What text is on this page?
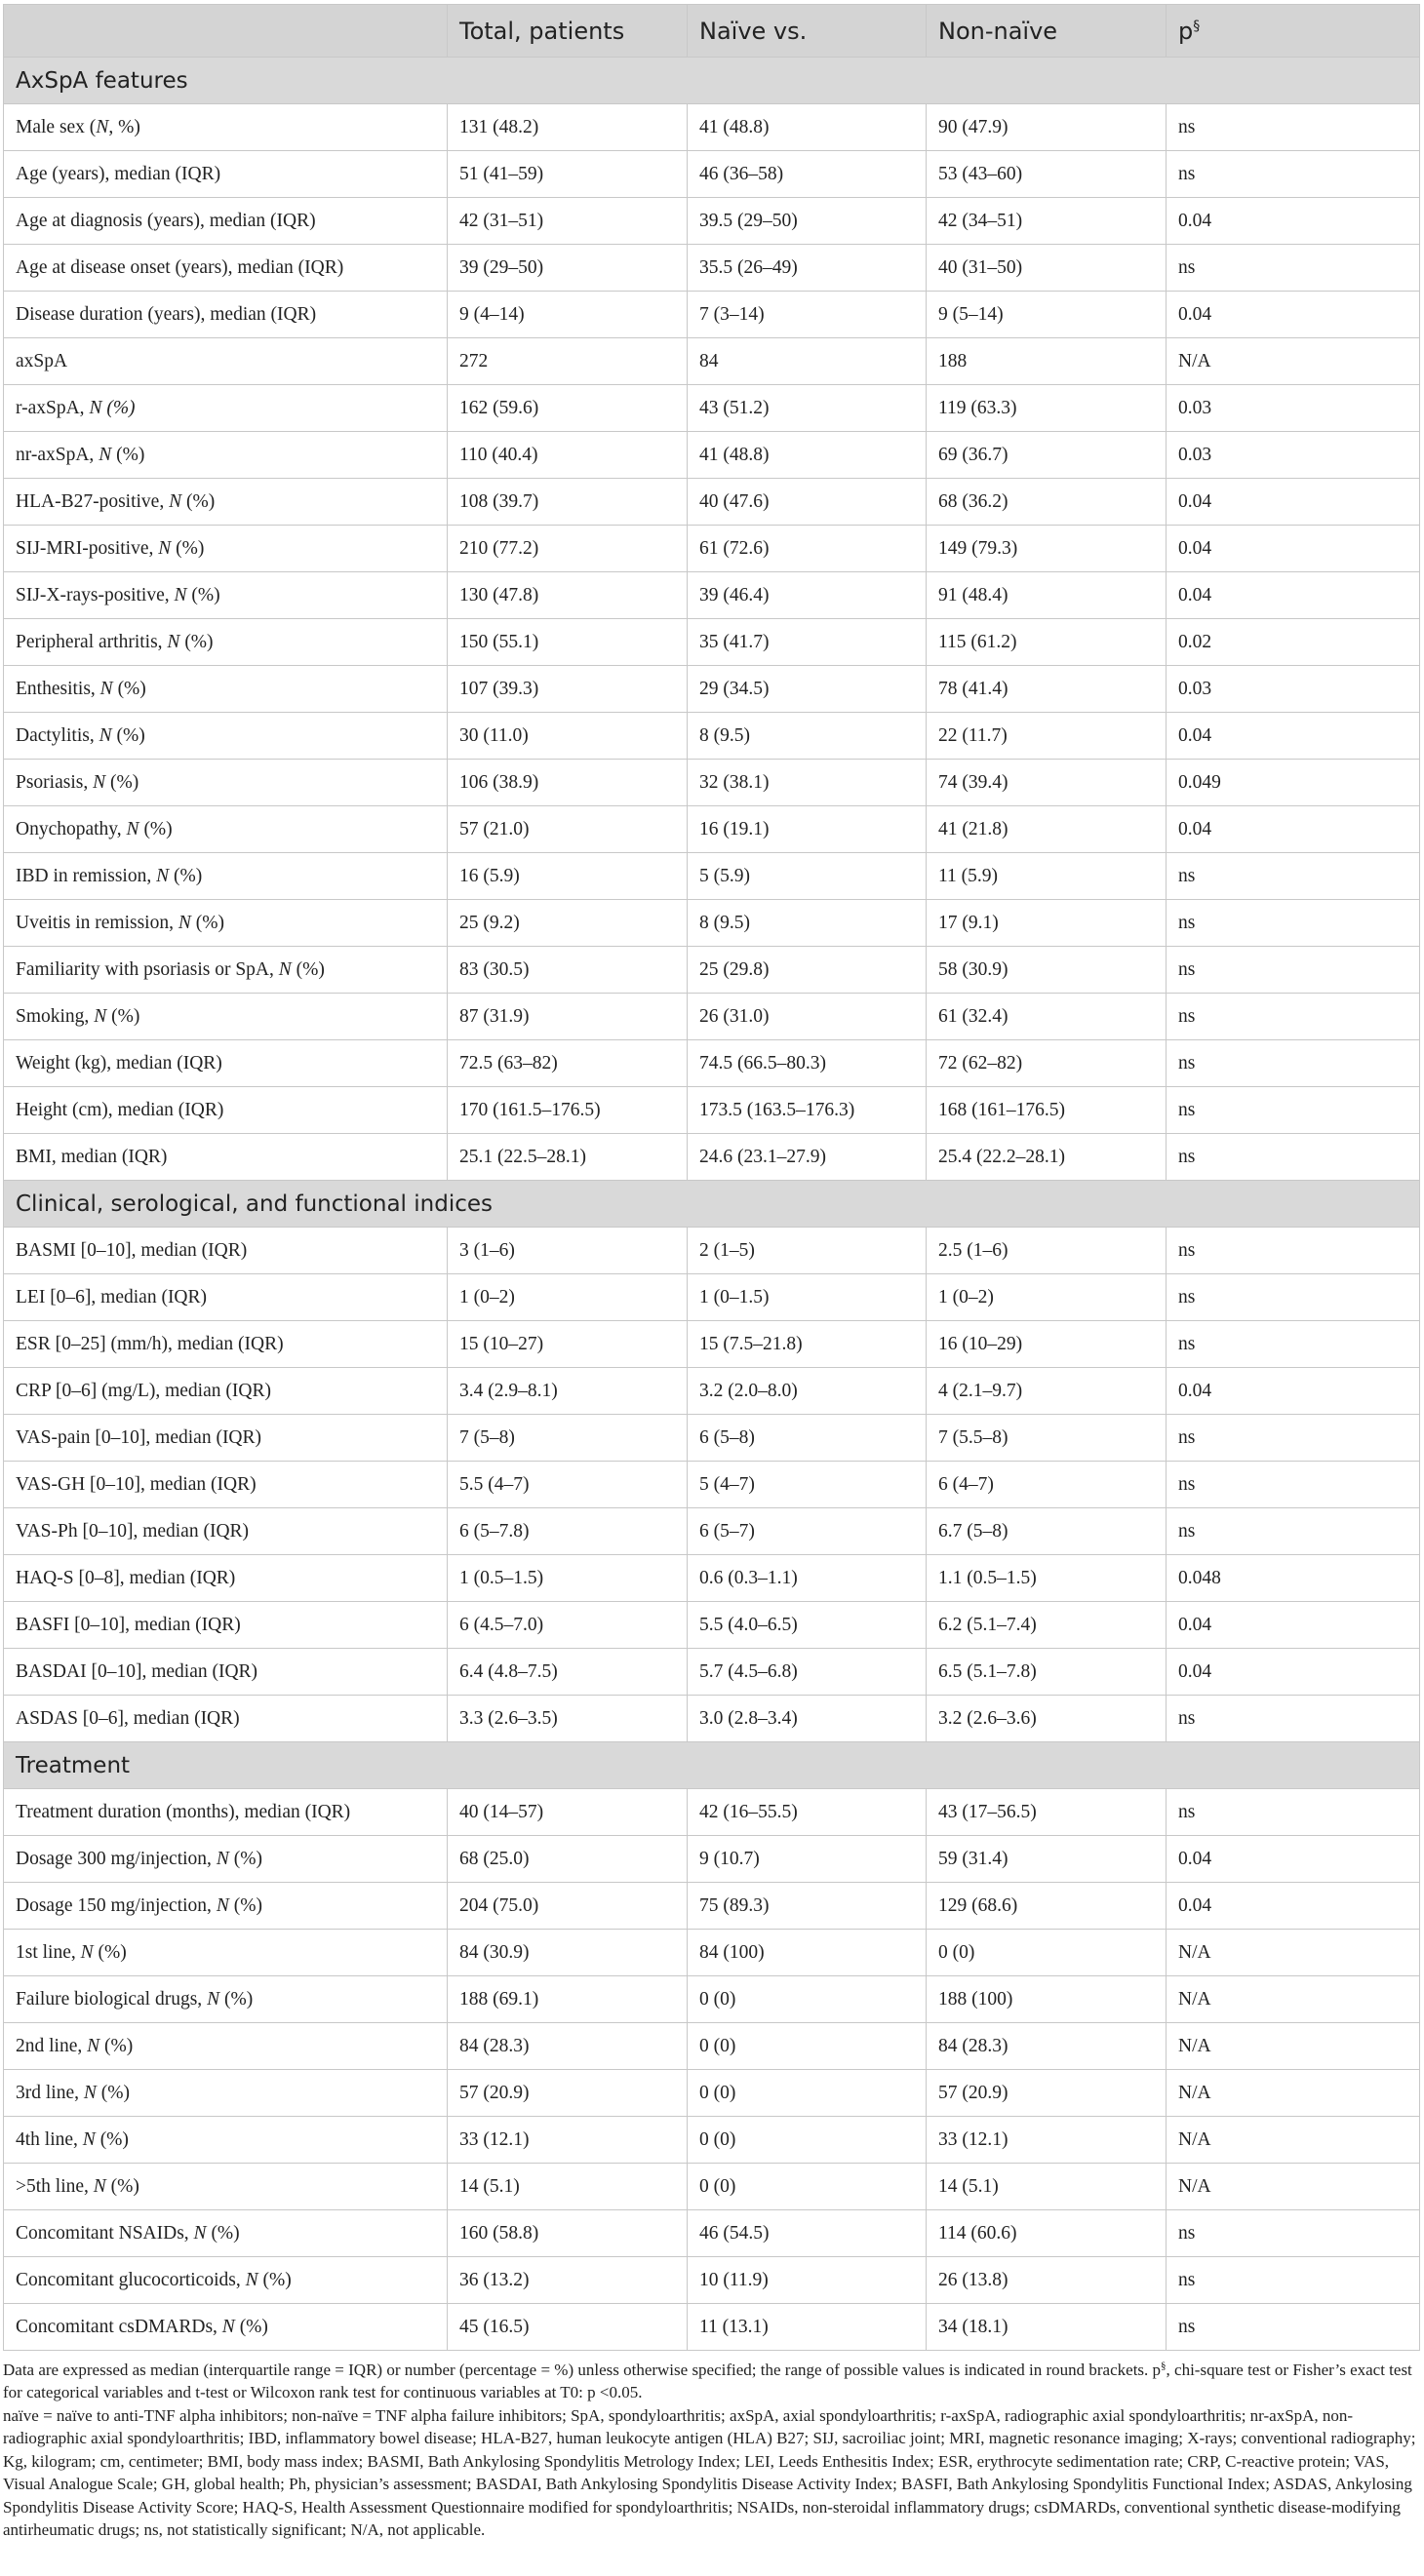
	Total, patients	Naïve vs.	Non-naïve	p§
AxSpA features				
Male sex (N, %)	131 (48.2)	41 (48.8)	90 (47.9)	ns
Age (years), median (IQR)	51 (41–59)	46 (36–58)	53 (43–60)	ns
Age at diagnosis (years), median (IQR)	42 (31–51)	39.5 (29–50)	42 (34–51)	0.04
Age at disease onset (years), median (IQR)	39 (29–50)	35.5 (26–49)	40 (31–50)	ns
Disease duration (years), median (IQR)	9 (4–14)	7 (3–14)	9 (5–14)	0.04
axSpA	272	84	188	N/A
r-axSpA, N (%)	162 (59.6)	43 (51.2)	119 (63.3)	0.03
nr-axSpA, N (%)	110 (40.4)	41 (48.8)	69 (36.7)	0.03
HLA-B27-positive, N (%)	108 (39.7)	40 (47.6)	68 (36.2)	0.04
SIJ-MRI-positive, N (%)	210 (77.2)	61 (72.6)	149 (79.3)	0.04
SIJ-X-rays-positive, N (%)	130 (47.8)	39 (46.4)	91 (48.4)	0.04
Peripheral arthritis, N (%)	150 (55.1)	35 (41.7)	115 (61.2)	0.02
Enthesitis, N (%)	107 (39.3)	29 (34.5)	78 (41.4)	0.03
Dactylitis, N (%)	30 (11.0)	8 (9.5)	22 (11.7)	0.04
Psoriasis, N (%)	106 (38.9)	32 (38.1)	74 (39.4)	0.049
Onychopathy, N (%)	57 (21.0)	16 (19.1)	41 (21.8)	0.04
IBD in remission, N (%)	16 (5.9)	5 (5.9)	11 (5.9)	ns
Uveitis in remission, N (%)	25 (9.2)	8 (9.5)	17 (9.1)	ns
Familiarity with psoriasis or SpA, N (%)	83 (30.5)	25 (29.8)	58 (30.9)	ns
Smoking, N (%)	87 (31.9)	26 (31.0)	61 (32.4)	ns
Weight (kg), median (IQR)	72.5 (63–82)	74.5 (66.5–80.3)	72 (62–82)	ns
Height (cm), median (IQR)	170 (161.5–176.5)	173.5 (163.5–176.3)	168 (161–176.5)	ns
BMI, median (IQR)	25.1 (22.5–28.1)	24.6 (23.1–27.9)	25.4 (22.2–28.1)	ns
Clinical, serological, and functional indices				
BASMI [0–10], median (IQR)	3 (1–6)	2 (1–5)	2.5 (1–6)	ns
LEI [0–6], median (IQR)	1 (0–2)	1 (0–1.5)	1 (0–2)	ns
ESR [0–25] (mm/h), median (IQR)	15 (10–27)	15 (7.5–21.8)	16 (10–29)	ns
CRP [0–6] (mg/L), median (IQR)	3.4 (2.9–8.1)	3.2 (2.0–8.0)	4 (2.1–9.7)	0.04
VAS-pain [0–10], median (IQR)	7 (5–8)	6 (5–8)	7 (5.5–8)	ns
VAS-GH [0–10], median (IQR)	5.5 (4–7)	5 (4–7)	6 (4–7)	ns
VAS-Ph [0–10], median (IQR)	6 (5–7.8)	6 (5–7)	6.7 (5–8)	ns
HAQ-S [0–8], median (IQR)	1 (0.5–1.5)	0.6 (0.3–1.1)	1.1 (0.5–1.5)	0.048
BASFI [0–10], median (IQR)	6 (4.5–7.0)	5.5 (4.0–6.5)	6.2 (5.1–7.4)	0.04
BASDAI [0–10], median (IQR)	6.4 (4.8–7.5)	5.7 (4.5–6.8)	6.5 (5.1–7.8)	0.04
ASDAS [0–6], median (IQR)	3.3 (2.6–3.5)	3.0 (2.8–3.4)	3.2 (2.6–3.6)	ns
Treatment				
Treatment duration (months), median (IQR)	40 (14–57)	42 (16–55.5)	43 (17–56.5)	ns
Dosage 300 mg/injection, N (%)	68 (25.0)	9 (10.7)	59 (31.4)	0.04
Dosage 150 mg/injection, N (%)	204 (75.0)	75 (89.3)	129 (68.6)	0.04
1st line, N (%)	84 (30.9)	84 (100)	0 (0)	N/A
Failure biological drugs, N (%)	188 (69.1)	0 (0)	188 (100)	N/A
2nd line, N (%)	84 (28.3)	0 (0)	84 (28.3)	N/A
3rd line, N (%)	57 (20.9)	0 (0)	57 (20.9)	N/A
4th line, N (%)	33 (12.1)	0 (0)	33 (12.1)	N/A
>5th line, N (%)	14 (5.1)	0 (0)	14 (5.1)	N/A
Concomitant NSAIDs, N (%)	160 (58.8)	46 (54.5)	114 (60.6)	ns
Concomitant glucocorticoids, N (%)	36 (13.2)	10 (11.9)	26 (13.8)	ns
Concomitant csDMARDs, N (%)	45 (16.5)	11 (13.1)	34 (18.1)	ns

Data are expressed as median (interquartile range = IQR) or number (percentage = %) unless otherwise specified; the range of possible values is indicated in round brackets. p§, chi-square test or Fisher’s exact test for categorical variables and t-test or Wilcoxon rank test for continuous variables at T0: p <0.05.

naïve = naïve to anti-TNF alpha inhibitors; non-naïve = TNF alpha failure inhibitors; SpA, spondyloarthritis; axSpA, axial spondyloarthritis; r-axSpA, radiographic axial spondyloarthritis; nr-axSpA, non-radiographic axial spondyloarthritis; IBD, inflammatory bowel disease; HLA-B27, human leukocyte antigen (HLA) B27; SIJ, sacroiliac joint; MRI, magnetic resonance imaging; X-rays; conventional radiography; Kg, kilogram; cm, centimeter; BMI, body mass index; BASMI, Bath Ankylosing Spondylitis Metrology Index; LEI, Leeds Enthesitis Index; ESR, erythrocyte sedimentation rate; CRP, C-reactive protein; VAS, Visual Analogue Scale; GH, global health; Ph, physician’s assessment; BASDAI, Bath Ankylosing Spondylitis Disease Activity Index; BASFI, Bath Ankylosing Spondylitis Functional Index; ASDAS, Ankylosing Spondylitis Disease Activity Score; HAQ-S, Health Assessment Questionnaire modified for spondyloarthritis; NSAIDs, non-steroidal inflammatory drugs; csDMARDs, conventional synthetic disease-modifying antirheumatic drugs; ns, not statistically significant; N/A, not applicable.
